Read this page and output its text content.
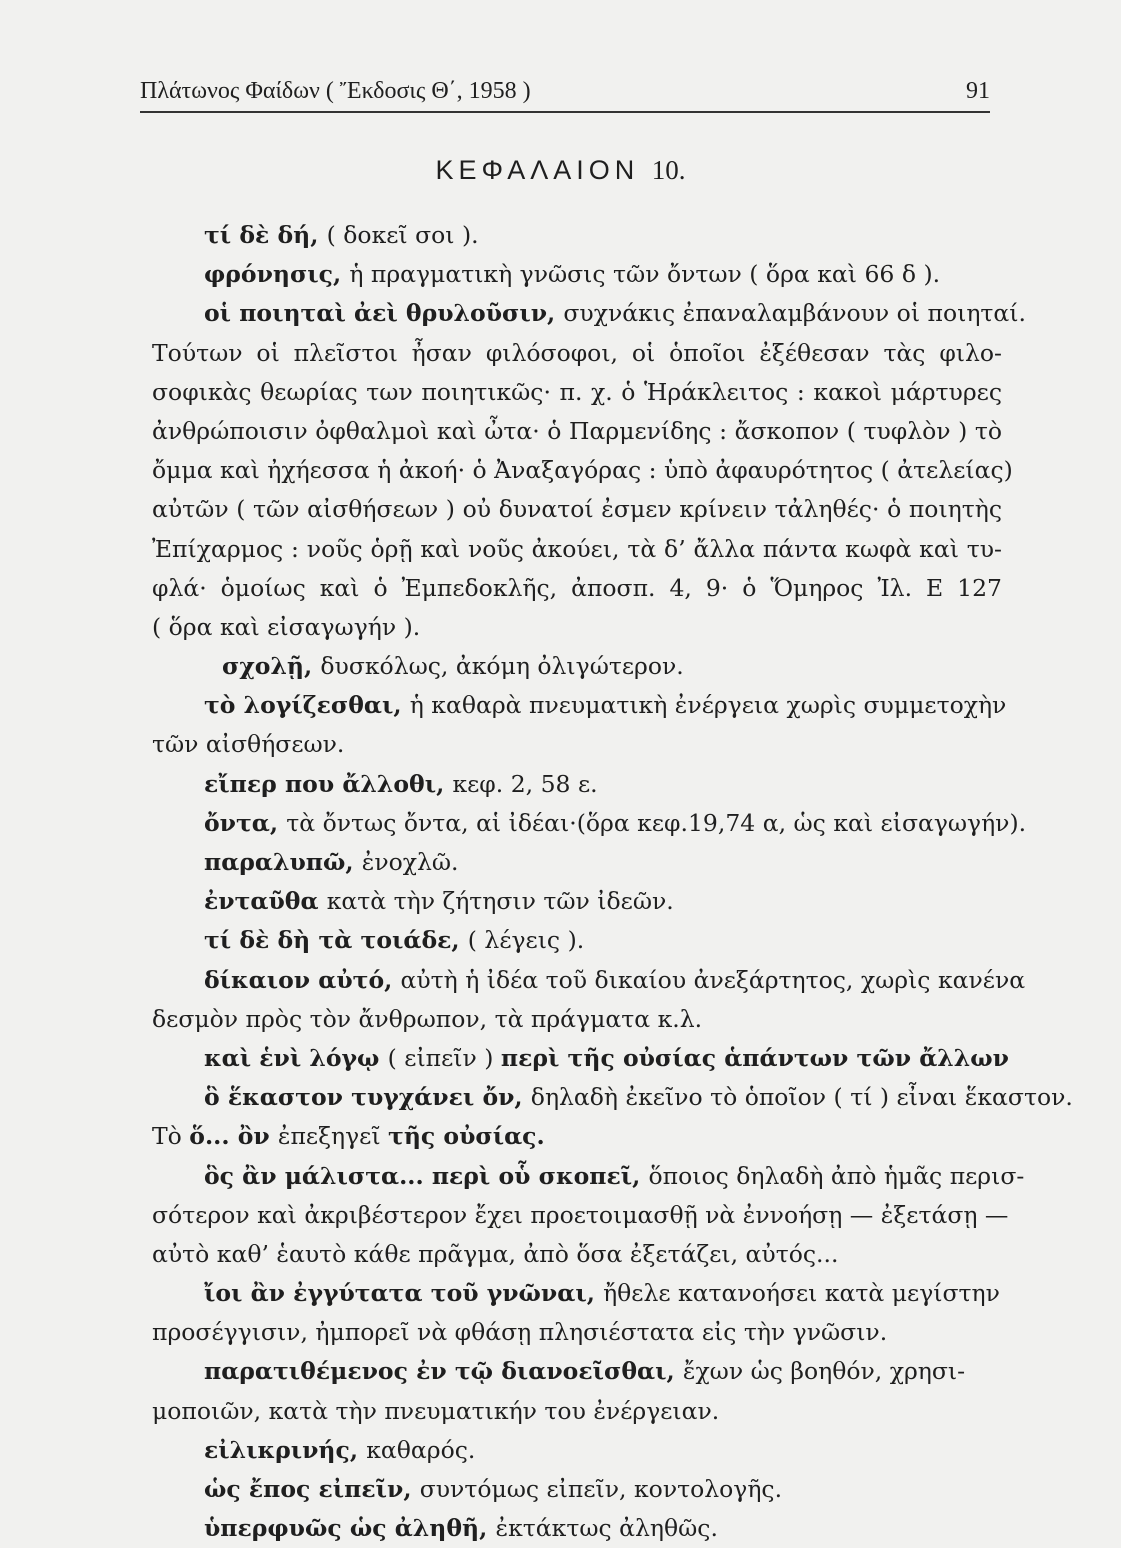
Πλάτωνος Φαίδων ( Ἔκδοσις Θ΄, 1958 )	91
ΚΕΦΑΛΑΙΟΝ 10.
τί δὲ δή, ( δοκεῖ σοι ).
φρόνησις, ἡ πραγματικὴ γνῶσις τῶν ὄντων ( ὅρα καὶ 66 δ ).
οἱ ποιηταὶ ἀεὶ θρυλοῦσιν, συχνάκις ἐπαναλαμβάνουν οἱ ποιηταί.
Τούτων οἱ πλεῖστοι ἦσαν φιλόσοφοι, οἱ ὁποῖοι ἐξέθεσαν τὰς φιλο-
σοφικὰς θεωρίας των ποιητικῶς· π. χ. ὁ Ἡράκλειτος : κακοὶ μάρτυρες
ἀνθρώποισιν ὀφθαλμοὶ καὶ ὦτα· ὁ Παρμενίδης : ἄσκοπον ( τυφλὸν ) τὸ
ὄμμα καὶ ἠχήεσσα ἡ ἀκοή· ὁ Ἀναξαγόρας : ὑπὸ ἀφαυρότητος ( ἀτελείας)
αὐτῶν ( τῶν αἰσθήσεων ) οὐ δυνατοί ἐσμεν κρίνειν τἀληθές· ὁ ποιητὴς
Ἐπίχαρμος : νοῦς ὁρῇ καὶ νοῦς ἀκούει, τὰ δ’ ἄλλα πάντα κωφὰ καὶ τυ-
φλά· ὁμοίως καὶ ὁ Ἐμπεδοκλῆς, ἀποσπ. 4, 9· ὁ Ὅμηρος Ἰλ. Ε 127
( ὅρα καὶ εἰσαγωγήν ).
σχολῇ, δυσκόλως, ἀκόμη ὀλιγώτερον.
τὸ λογίζεσθαι, ἡ καθαρὰ πνευματικὴ ἐνέργεια χωρὶς συμμετοχὴν
τῶν αἰσθήσεων.
εἴπερ που ἄλλοθι, κεφ. 2, 58 ε.
ὄντα, τὰ ὄντως ὄντα, αἱ ἰδέαι·(ὅρα κεφ.19,74 α, ὡς καὶ εἰσαγωγήν).
παραλυπῶ, ἐνοχλῶ.
ἐνταῦθα κατὰ τὴν ζήτησιν τῶν ἰδεῶν.
τί δὲ δὴ τὰ τοιάδε, ( λέγεις ).
δίκαιον αὐτό, αὐτὴ ἡ ἰδέα τοῦ δικαίου ἀνεξάρτητος, χωρὶς κανένα
δεσμὸν πρὸς τὸν ἄνθρωπον, τὰ πράγματα κ.λ.
καὶ ἑνὶ λόγῳ ( εἰπεῖν ) περὶ τῆς οὐσίας ἁπάντων τῶν ἄλλων
ὃ ἕκαστον τυγχάνει ὄν, δηλαδὴ ἐκεῖνο τὸ ὁποῖον ( τί ) εἶναι ἕκαστον.
Τὸ ὅ... ὂν ἐπεξηγεῖ τῆς οὐσίας.
ὃς ἂν μάλιστα... περὶ οὗ σκοπεῖ, ὅποιος δηλαδὴ ἀπὸ ἡμᾶς περισ-
σότερον καὶ ἀκριβέστερον ἔχει προετοιμασθῇ νὰ ἐννοήσῃ — ἐξετάσῃ —
αὐτὸ καθ’ ἑαυτὸ κάθε πρᾶγμα, ἀπὸ ὅσα ἐξετάζει, αὐτός...
ἴοι ἂν ἐγγύτατα τοῦ γνῶναι, ἤθελε κατανοήσει κατὰ μεγίστην
προσέγγισιν, ἠμπορεῖ νὰ φθάσῃ πλησιέστατα εἰς τὴν γνῶσιν.
παρατιθέμενος ἐν τῷ διανοεῖσθαι, ἔχων ὡς βοηθόν, χρησι-
μοποιῶν, κατὰ τὴν πνευματικήν του ἐνέργειαν.
εἰλικρινής, καθαρός.
ὡς ἔπος εἰπεῖν, συντόμως εἰπεῖν, κοντολογῆς.
ὑπερφυῶς ὡς ἀληθῆ, ἐκτάκτως ἀληθῶς.
